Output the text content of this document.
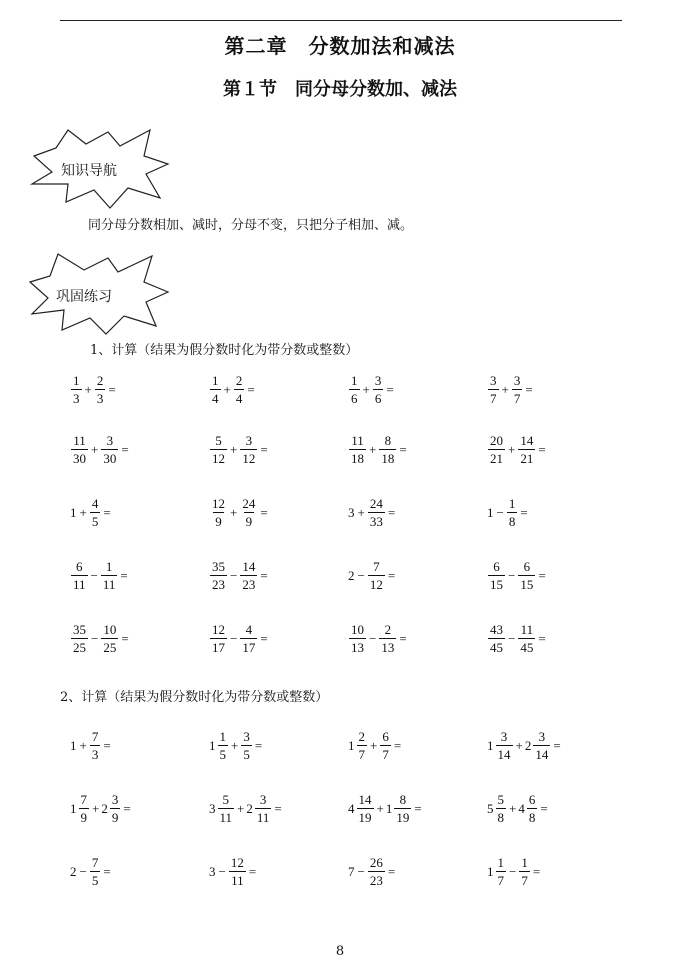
第二章　分数加法和减法
第１节　同分母分数加、减法
知识导航
同分母分数相加、减时，分母不变，只把分子相加、减。
巩固练习
1、计算（结果为假分数时化为带分数或整数）
$\frac{1}{3} + \frac{2}{3}$ =	$\frac{1}{4} + \frac{2}{4}$ =	$\frac{1}{6} + \frac{3}{6}$ =	$\frac{3}{7} + \frac{3}{7}$ =
$\frac{11}{30} + \frac{3}{30}$ =	$\frac{5}{12} + \frac{3}{12}$ =	$\frac{11}{18} + \frac{8}{18}$ =	$\frac{20}{21} + \frac{14}{21}$ =
$1 + \frac{4}{5}$ =	$\frac{12}{9} + \frac{24}{9}$ =	$3 + \frac{24}{33}$ =	$1 - \frac{1}{8}$ =
$\frac{6}{11} - \frac{1}{11}$ =	$\frac{35}{23} - \frac{14}{23}$ =	$2 - \frac{7}{12}$ =	$\frac{6}{15} - \frac{6}{15}$ =
$\frac{35}{25} - \frac{10}{25}$ =	$\frac{12}{17} - \frac{4}{17}$ =	$\frac{10}{13} - \frac{2}{13}$ =	$\frac{43}{45} - \frac{11}{45}$ =
2、计算（结果为假分数时化为带分数或整数）
$1 + \frac{7}{3}$ =	$1 \frac{1}{5} + \frac{3}{5}$ =	$1 \frac{2}{7} + \frac{6}{7}$ =	$1 \frac{3}{14} + 2 \frac{3}{14}$ =
$1 \frac{7}{9} + 2 \frac{3}{9}$ =	$3 \frac{5}{11} + 2 \frac{3}{11}$ =	$4 \frac{14}{19} + 1 \frac{8}{19}$ =	$5 \frac{5}{8} + 4 \frac{6}{8}$ =
$2 - \frac{7}{5}$ =	$3 - \frac{12}{11}$ =	$7 - \frac{26}{23}$ =	$1 \frac{1}{7} - \frac{1}{7}$ =
8
